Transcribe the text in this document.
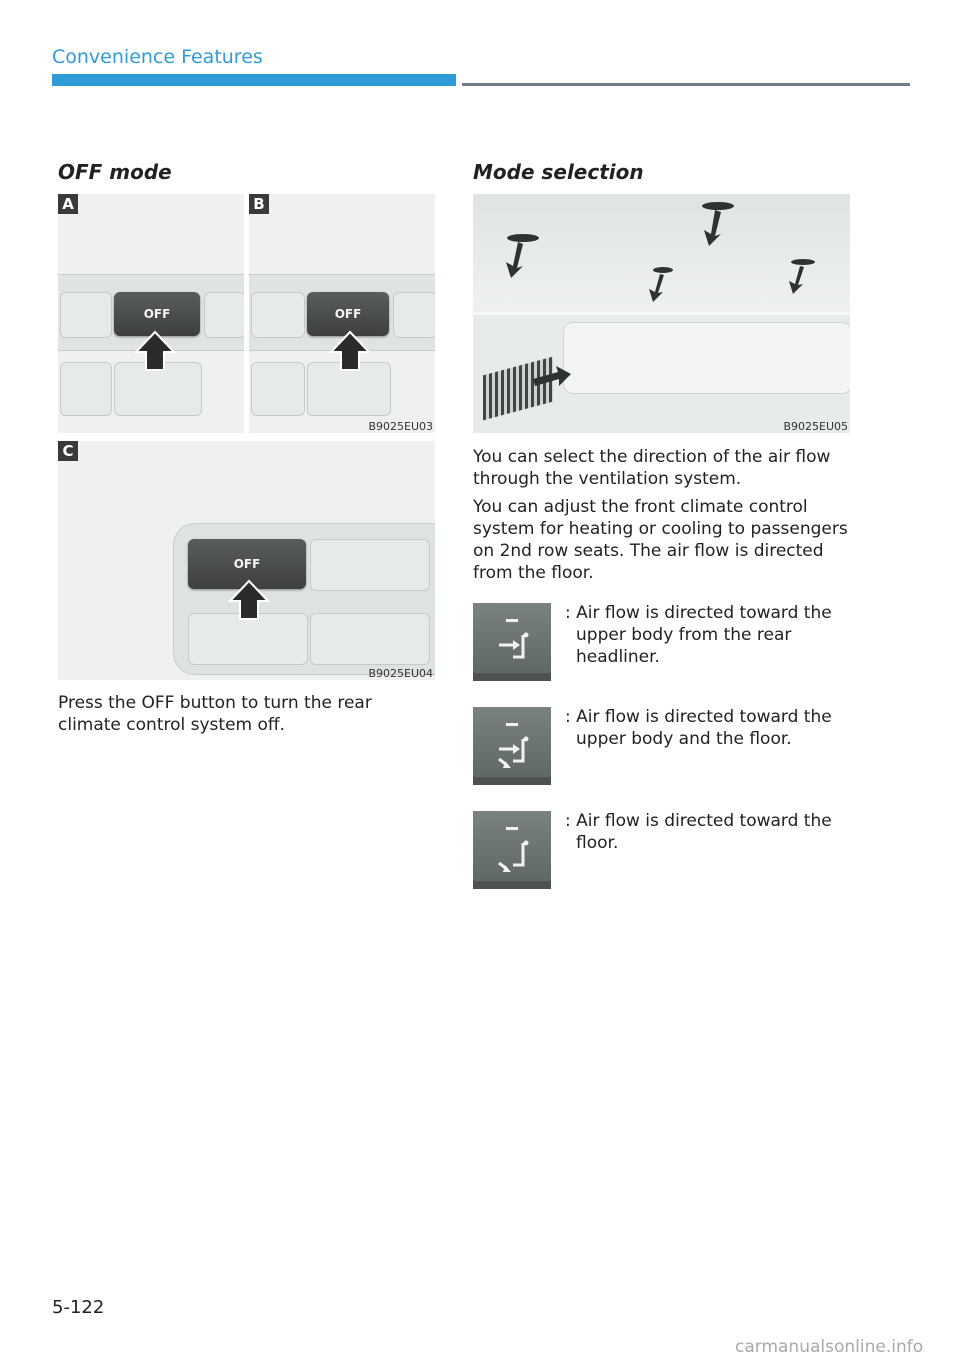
Convenience Features
OFF mode	Mode selection
A
OFF
B
OFF
B9025EU03
C
OFF
B9025EU04

Press the OFF button to turn the rear climate control system off.

B9025EU05

You can select the direction of the air flow through the ventilation system.

You can adjust the front climate control system for heating or cooling to passengers on 2nd row seats. The air flow is directed from the floor.

: Air flow is directed toward the upper body from the rear headliner.

: Air flow is directed toward the upper body and the floor.

: Air flow is directed toward the floor.

5-122
carmanualsonline.info
